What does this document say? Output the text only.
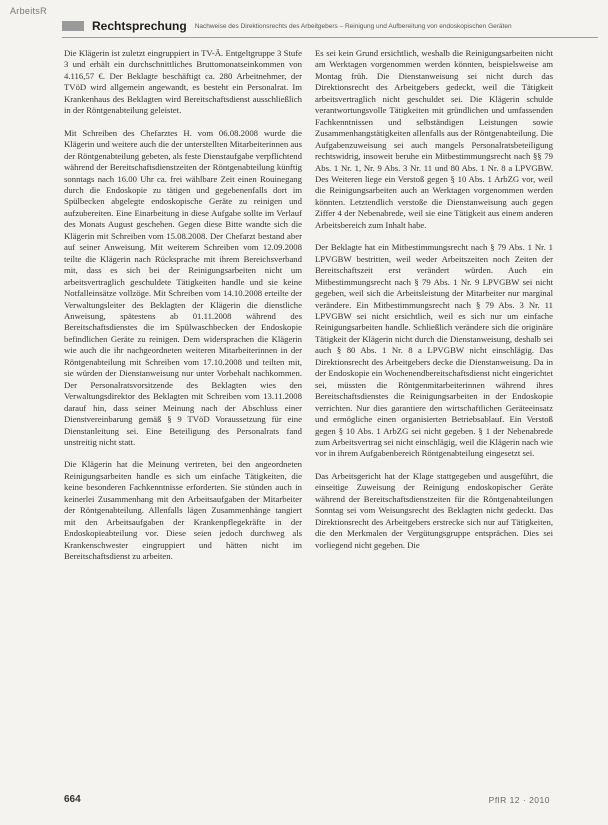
ArbeitsR
Rechtsprechung Nachweise des Direktionsrechts des Arbeitgebers – Reinigung und Aufbereitung von endoskopischen Geräten

Die Klägerin ist zuletzt eingruppiert in TV-Ä. Entgeltgruppe 3 Stufe 3 und erhält ein durchschnittliches Bruttomonatseinkommen von 4.116,57 €. Der Beklagte beschäftigt ca. 280 Arbeitnehmer, der TVöD wird allgemein angewandt, es besteht ein Personalrat. Im Krankenhaus des Beklagten wird Bereitschaftsdienst ausschließlich in der Röntgenabteilung geleistet.

Mit Schreiben des Chefarztes H. vom 06.08.2008 wurde die Klägerin und weitere auch die der unterstellten Mitarbeiterinnen aus der Röntgenabteilung gebeten, als feste Dienstaufgabe verpflichtend während der Bereitschaftsdienstzeiten der Röntgenabteilung künftig sonntags nach 16.00 Uhr ca. frei wählbare Zeit einen Rouinegang durch die Endoskopie zu tätigen und gegebenenfalls dort im Spülbecken abgelegte endoskopische Geräte zu reinigen und aufzubereiten. Eine Einarbeitung in diese Aufgabe sollte im Verlauf des Monats August geschehen. Gegen diese Bitte wandte sich die Klägerin mit Schreiben vom 15.08.2008. Der Chefarzt bestand aber auf seiner Anweisung. Mit weiterem Schreiben vom 12.09.2008 teilte die Klägerin nach Rücksprache mit ihrem Bereichsverband mit, dass es sich bei der Reinigungsarbeiten nicht um arbeitsvertraglich geschuldete Tätigkeiten handle und sie keine Notfalleinsätze vollzöge. Mit Schreiben vom 14.10.2008 erteilte der Verwaltungsleiter des Beklagten der Klägerin die dienstliche Anweisung, spätestens ab 01.11.2008 während des Bereitschaftsdienstes die im Spülwaschbecken der Endoskopie befindlichen Geräte zu reinigen. Dem widersprachen die Klägerin wie auch die ihr nachgeordneten weiteren Mitarbeiterinnen in der Röntgenabteilung mit Schreiben vom 17.10.2008 und teilten mit, sie würden der Dienstanweisung nur unter Vorbehalt nachkommen. Der Personalratsvorsitzende des Beklagten wies den Verwaltungsdirektor des Beklagten mit Schreiben vom 13.11.2008 darauf hin, dass seiner Meinung nach der Abschluss einer Dienstvereinbarung gemäß § 9 TVöD Voraussetzung für eine Dienstanleitung sei. Eine Beteiligung des Personalrats fand unstreitig nicht statt.

Die Klägerin hat die Meinung vertreten, bei den angeordneten Reinigungsarbeiten handle es sich um einfache Tätigkeiten, die keine besonderen Fachkenntnisse erforderten. Sie stünden auch in keinerlei Zusammenhang mit den Arbeitsaufgaben der Mitarbeiter der Röntgenabteilung. Allenfalls lägen Zusammenhänge tangiert mit den Arbeitsaufgaben der Krankenpflegekräfte in der Endoskopieabteilung vor. Diese seien jedoch durchweg als Krankenschwester eingruppiert und hätten nicht im Bereitschaftsdienst zu arbeiten.

Es sei kein Grund ersichtlich, weshalb die Reinigungsarbeiten nicht am Werktagen vorgenommen werden könnten, beispielsweise am Montag früh. Die Dienstanweisung sei nicht durch das Direktionsrecht des Arbeitgebers gedeckt, weil die Tätigkeit arbeitsvertraglich nicht geschuldet sei. Die Klägerin schulde verantwortungsvolle Tätigkeiten mit gründlichen und umfassenden Fachkenntnissen und selbständigen Leistungen sowie Zusammenhangstätigkeiten allenfalls aus der Röntgenabteilung. Die Aufgabenzuweisung sei auch mangels Personalratsbeteiligung rechtswidrig, insoweit beruhe ein Mitbestimmungsrecht nach §§ 79 Abs. 1 Nr. 1, Nr. 9 Abs. 3 Nr. 11 und 80 Abs. 1 Nr. 8 a LPVGBW. Des Weiteren liege ein Verstoß gegen § 10 Abs. 1 ArbZG vor, weil die Reinigungsarbeiten auch an Werktagen vorgenommen werden könnten. Letztendlich verstoße die Dienstanweisung auch gegen Ziffer 4 der Nebenabrede, weil sie eine Tätigkeit aus einem anderen Arbeitsbereich zum Inhalt habe.

Der Beklagte hat ein Mitbestimmungsrecht nach § 79 Abs. 1 Nr. 1 LPVGBW bestritten, weil weder Arbeitszeiten noch Zeiten der Bereitschaftszeit erst verändert würden. Auch ein Mitbestimmungsrecht nach § 79 Abs. 1 Nr. 9 LPVGBW sei nicht gegeben, weil sich die Arbeitsleistung der Mitarbeiter nur marginal verändere. Ein Mitbestimmungsrecht nach § 79 Abs. 3 Nr. 11 LPVGBW sei nicht ersichtlich, weil es sich nur um einfache Reinigungsarbeiten handle. Schließlich verändere sich die originäre Tätigkeit der Klägerin nicht durch die Dienstanweisung, deshalb sei auch § 80 Abs. 1 Nr. 8 a LPVGBW nicht einschlägig. Das Direktionsrecht des Arbeitgebers decke die Dienstanweisung. Da in der Endoskopie ein Wochenendbereitschaftsdienst nicht eingerichtet sei, müssten die Röntgenmitarbeiterinnen während ihres Bereitschaftsdienstes die Reinigungsarbeiten in der Endoskopie verrichten. Nur dies garantiere den wirtschaftlichen Geräteeinsatz und ermögliche einen organisierten Betriebsablauf. Ein Verstoß gegen § 10 Abs. 1 ArbZG sei nicht gegeben. § 1 der Nebenabrede zum Arbeitsvertrag sei nicht einschlägig, weil die Klägerin nach wie vor in ihrem Aufgabenbereich Röntgenabteilung eingesetzt sei.

Das Arbeitsgericht hat der Klage stattgegeben und ausgeführt, die einseitige Zuweisung der Reinigung endoskopischer Geräte während der Bereitschaftsdienstzeiten für die Röntgenabteilungen Sonntag sei vom Weisungsrecht des Beklagten nicht gedeckt. Das Direktionsrecht des Arbeitgebers erstrecke sich nur auf Tätigkeiten, die den Merkmalen der Vergütungsgruppe entsprächen. Dies sei vorliegend nicht gegeben. Die

664	PflR 12 · 2010
